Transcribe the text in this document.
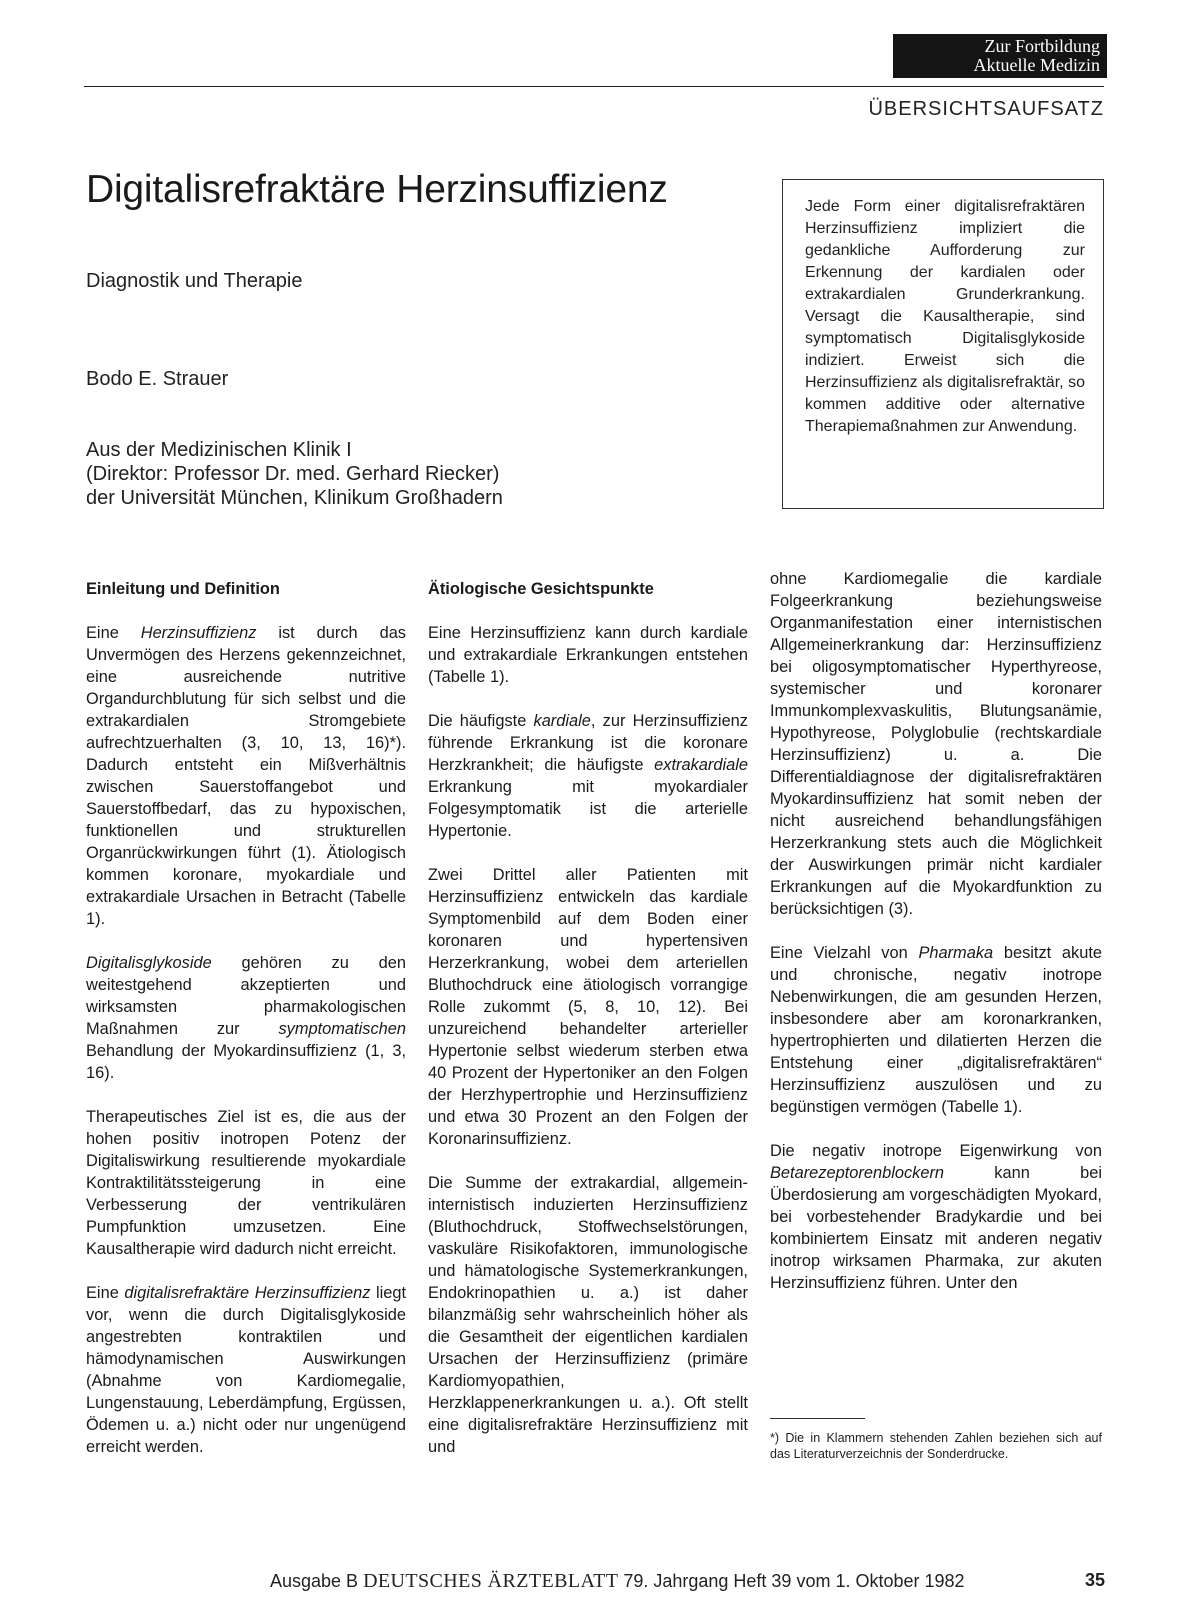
Zur Fortbildung
Aktuelle Medizin
ÜBERSICHTSAUFSATZ
Digitalisrefraktäre Herzinsuffizienz
Diagnostik und Therapie
Bodo E. Strauer
Aus der Medizinischen Klinik I
(Direktor: Professor Dr. med. Gerhard Riecker)
der Universität München, Klinikum Großhadern
Jede Form einer digitalisrefraktären Herzinsuffizienz impliziert die gedankliche Aufforderung zur Erkennung der kardialen oder extrakardialen Grunderkrankung. Versagt die Kausaltherapie, sind symptomatisch Digitalisglykoside indiziert. Erweist sich die Herzinsuffizienz als digitalisrefraktär, so kommen additive oder alternative Therapiemaßnahmen zur Anwendung.
Einleitung und Definition

Eine Herzinsuffizienz ist durch das Unvermögen des Herzens gekennzeichnet, eine ausreichende nutritive Organdurchblutung für sich selbst und die extrakardialen Stromgebiete aufrechtzuerhalten (3, 10, 13, 16)*). Dadurch entsteht ein Mißverhältnis zwischen Sauerstoffangebot und Sauerstoffbedarf, das zu hypoxischen, funktionellen und strukturellen Organrückwirkungen führt (1). Ätiologisch kommen koronare, myokardiale und extrakardiale Ursachen in Betracht (Tabelle 1).

Digitalisglykoside gehören zu den weitestgehend akzeptierten und wirksamsten pharmakologischen Maßnahmen zur symptomatischen Behandlung der Myokardinsuffizienz (1, 3, 16).

Therapeutisches Ziel ist es, die aus der hohen positiv inotropen Potenz der Digitaliswirkung resultierende myokardiale Kontraktilitätssteigerung in eine Verbesserung der ventrikulären Pumpfunktion umzusetzen. Eine Kausaltherapie wird dadurch nicht erreicht.

Eine digitalisrefraktäre Herzinsuffizienz liegt vor, wenn die durch Digitalisglykoside angestrebten kontraktilen und hämodynamischen Auswirkungen (Abnahme von Kardiomegalie, Lungenstauung, Leberdämpfung, Ergüssen, Ödemen u. a.) nicht oder nur ungenügend erreicht werden.

Ätiologische Gesichtspunkte

Eine Herzinsuffizienz kann durch kardiale und extrakardiale Erkrankungen entstehen (Tabelle 1).

Die häufigste kardiale, zur Herzinsuffizienz führende Erkrankung ist die koronare Herzkrankheit; die häufigste extrakardiale Erkrankung mit myokardialer Folgesymptomatik ist die arterielle Hypertonie.

Zwei Drittel aller Patienten mit Herzinsuffizienz entwickeln das kardiale Symptomenbild auf dem Boden einer koronaren und hypertensiven Herzerkrankung, wobei dem arteriellen Bluthochdruck eine ätiologisch vorrangige Rolle zukommt (5, 8, 10, 12). Bei unzureichend behandelter arterieller Hypertonie selbst wiederum sterben etwa 40 Prozent der Hypertoniker an den Folgen der Herzhypertrophie und Herzinsuffizienz und etwa 30 Prozent an den Folgen der Koronarinsuffizienz.

Die Summe der extrakardial, allgemein-internistisch induzierten Herzinsuffizienz (Bluthochdruck, Stoffwechselstörungen, vaskuläre Risikofaktoren, immunologische und hämatologische Systemerkrankungen, Endokrinopathien u. a.) ist daher bilanzmäßig sehr wahrscheinlich höher als die Gesamtheit der eigentlichen kardialen Ursachen der Herzinsuffizienz (primäre Kardiomyopathien, Herzklappenerkrankungen u. a.). Oft stellt eine digitalisrefraktäre Herzinsuffizienz mit und

ohne Kardiomegalie die kardiale Folgeerkrankung beziehungsweise Organmanifestation einer internistischen Allgemeinerkrankung dar: Herzinsuffizienz bei oligosymptomatischer Hyperthyreose, systemischer und koronarer Immunkomplexvaskulitis, Blutungsanämie, Hypothyreose, Polyglobulie (rechtskardiale Herzinsuffizienz) u. a. Die Differentialdiagnose der digitalisrefraktären Myokardinsuffizienz hat somit neben der nicht ausreichend behandlungsfähigen Herzerkrankung stets auch die Möglichkeit der Auswirkungen primär nicht kardialer Erkrankungen auf die Myokardfunktion zu berücksichtigen (3).

Eine Vielzahl von Pharmaka besitzt akute und chronische, negativ inotrope Nebenwirkungen, die am gesunden Herzen, insbesondere aber am koronarkranken, hypertrophierten und dilatierten Herzen die Entstehung einer „digitalisrefraktären“ Herzinsuffizienz auszulösen und zu begünstigen vermögen (Tabelle 1).

Die negativ inotrope Eigenwirkung von Betarezeptorenblockern kann bei Überdosierung am vorgeschädigten Myokard, bei vorbestehender Bradykardie und bei kombiniertem Einsatz mit anderen negativ inotrop wirksamen Pharmaka, zur akuten Herzinsuffizienz führen. Unter den

*) Die in Klammern stehenden Zahlen beziehen sich auf das Literaturverzeichnis der Sonderdrucke.
Ausgabe B DEUTSCHES ÄRZTEBLATT 79. Jahrgang Heft 39 vom 1. Oktober 1982	35
